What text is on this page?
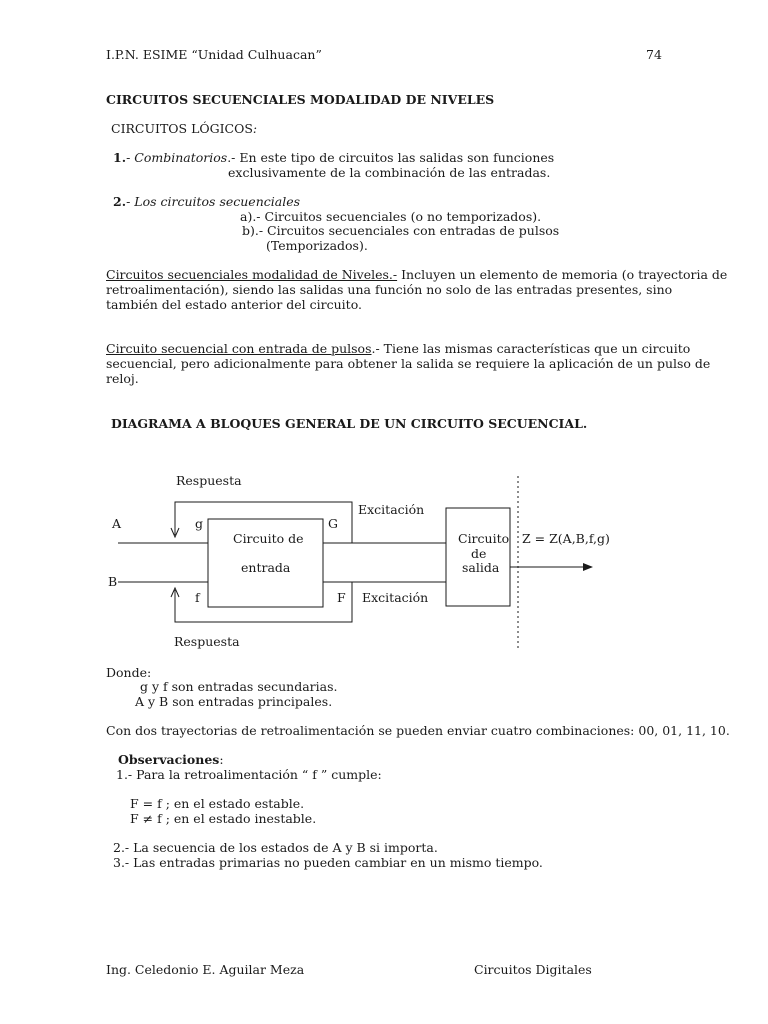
I.P.N. ESIME “Unidad Culhuacan”	74
CIRCUITOS SECUENCIALES MODALIDAD DE NIVELES
CIRCUITOS LÓGICOS:
1.- Combinatorios.- En este tipo de circuitos las salidas son funciones
exclusivamente de la combinación de las entradas.
2.- Los circuitos secuenciales
a).- Circuitos secuenciales (o no temporizados).
b).- Circuitos secuenciales con entradas de pulsos
(Temporizados).
Circuitos secuenciales modalidad de Niveles.- Incluyen un elemento de memoria (o trayectoria de
retroalimentación), siendo las salidas una función no solo de las entradas presentes, sino
también del estado anterior del circuito.
Circuito secuencial con entrada de pulsos.- Tiene las mismas características que un circuito
secuencial, pero adicionalmente para obtener la salida se requiere la aplicación de un pulso de
reloj.
DIAGRAMA A BLOQUES GENERAL DE UN CIRCUITO SECUENCIAL.
Respuesta
Excitación
A	g	G
Circuito de
entrada
Circuito
de
salida
Z = Z(A,B,f,g)
B
f	F Excitación
Respuesta
Donde:
g y f son entradas secundarias.
A y B son entradas principales.
Con dos trayectorias de retroalimentación se pueden enviar cuatro combinaciones: 00, 01, 11, 10.
Observaciones:
1.- Para la retroalimentación “ f ” cumple:
F = f ; en el estado estable.
F ≠ f ; en el estado inestable.
2.- La secuencia de los estados de A y B si importa.
3.- Las entradas primarias no pueden cambiar en un mismo tiempo.
Ing. Celedonio E. Aguilar Meza	Circuitos Digitales
